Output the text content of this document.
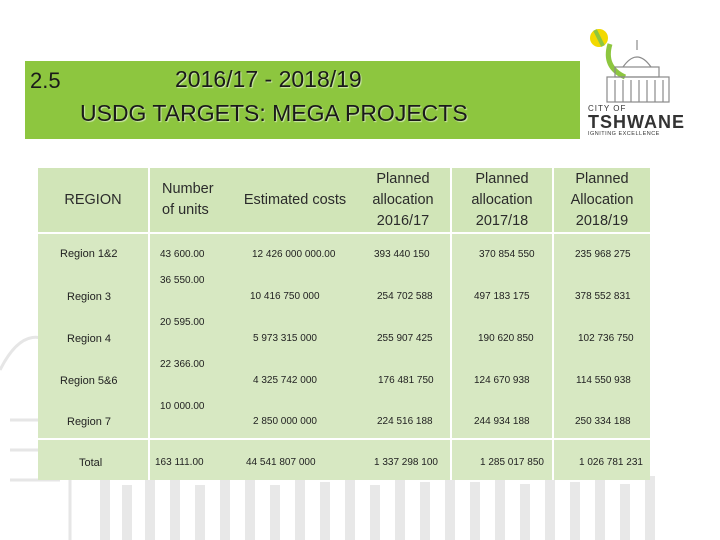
2.5	2016/17 - 2018/19
USDG TARGETS: MEGA PROJECTS	CITY OF
TSHWANE
IGNITING EXCELLENCE
REGION
Number
of units
Estimated costs
Planned
allocation
2016/17
Planned
allocation
2017/18
Planned
Allocation
2018/19
Region 1&2
Region 3
Region 4
Region 5&6
Region 7
Total
43 600.00
36 550.00
20 595.00
22 366.00
10 000.00
163 111.00
12 426 000 000.00
10 416 750 000
5 973 315 000
4 325 742 000
2 850 000 000
44 541 807 000
393 440 150
254 702 588
255 907 425
176 481 750
224 516 188
1 337 298 100
370 854 550
497 183 175
190 620 850
124 670 938
244 934 188
1 285 017 850
235 968 275
378 552 831
102 736 750
114 550 938
250 334 188
1 026 781 231
